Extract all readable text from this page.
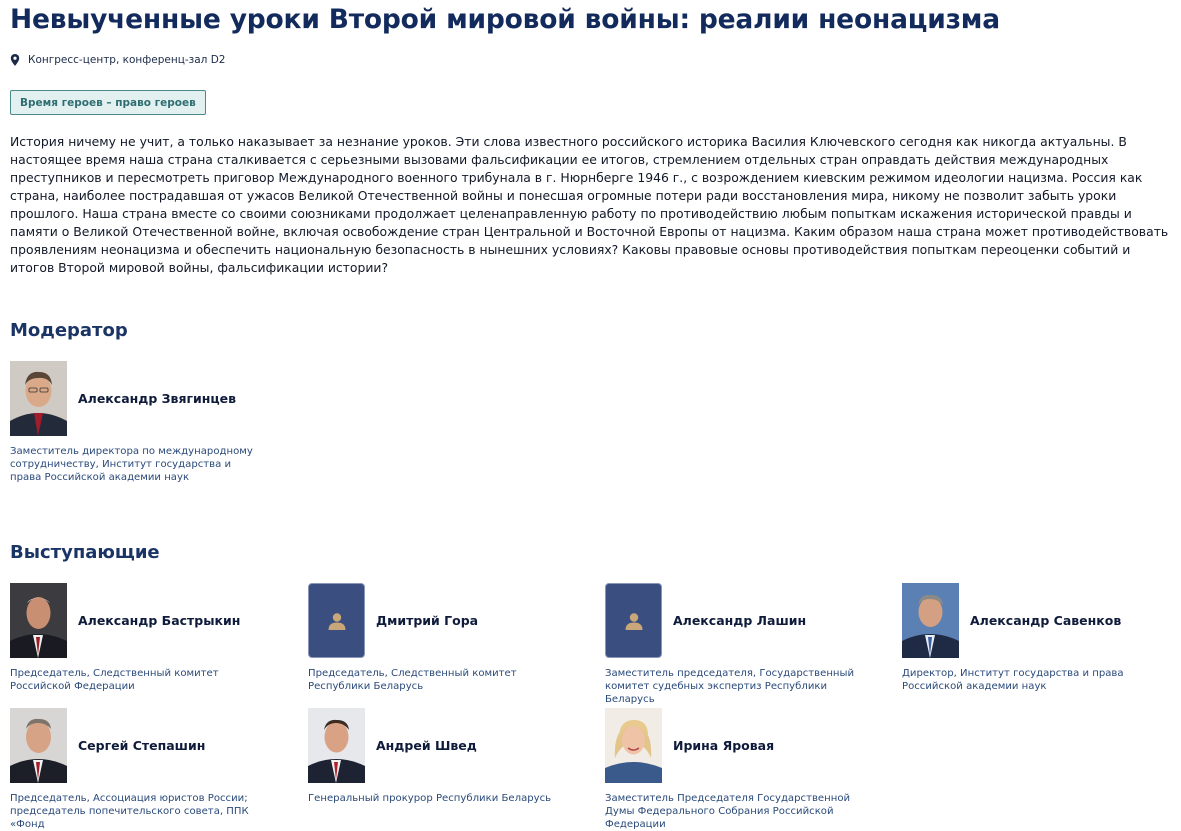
Невыученные уроки Второй мировой войны: реалии неонацизма
Конгресс-центр, конференц-зал D2
Время героев – право героев

История ничему не учит, а только наказывает за незнание уроков. Эти слова известного российского историка Василия Ключевского сегодня как никогда актуальны. В настоящее время наша страна сталкивается с серьезными вызовами фальсификации ее итогов, стремлением отдельных стран оправдать действия международных преступников и пересмотреть приговор Международного военного трибунала в г. Нюрнберге 1946 г., с возрождением киевским режимом идеологии нацизма. Россия как страна, наиболее пострадавшая от ужасов Великой Отечественной войны и понесшая огромные потери ради восстановления мира, никому не позволит забыть уроки прошлого. Наша страна вместе со своими союзниками продолжает целенаправленную работу по противодействию любым попыткам искажения исторической правды и памяти о Великой Отечественной войне, включая освобождение стран Центральной и Восточной Европы от нацизма. Каким образом наша страна может противодействовать проявлениям неонацизма и обеспечить национальную безопасность в нынешних условиях? Каковы правовые основы противодействия попыткам переоценки событий и итогов Второй мировой войны, фальсификации истории?

Модератор
Александр Звягинцев
Заместитель директора по международному сотрудничеству, Институт государства и права Российской академии наук
Выступающие
Александр Бастрыкин
Председатель, Следственный комитет Российской Федерации
Дмитрий Гора
Председатель, Следственный комитет Республики Беларусь
Александр Лашин
Заместитель председателя, Государственный комитет судебных экспертиз Республики Беларусь
Александр Савенков
Директор, Институт государства и права Российской академии наук
Сергей Степашин
Председатель, Ассоциация юристов России; председатель попечительского совета, ППК «Фонд
Андрей Швед
Генеральный прокурор Республики Беларусь
Ирина Яровая
Заместитель Председателя Государственной Думы Федерального Собрания Российской Федерации
